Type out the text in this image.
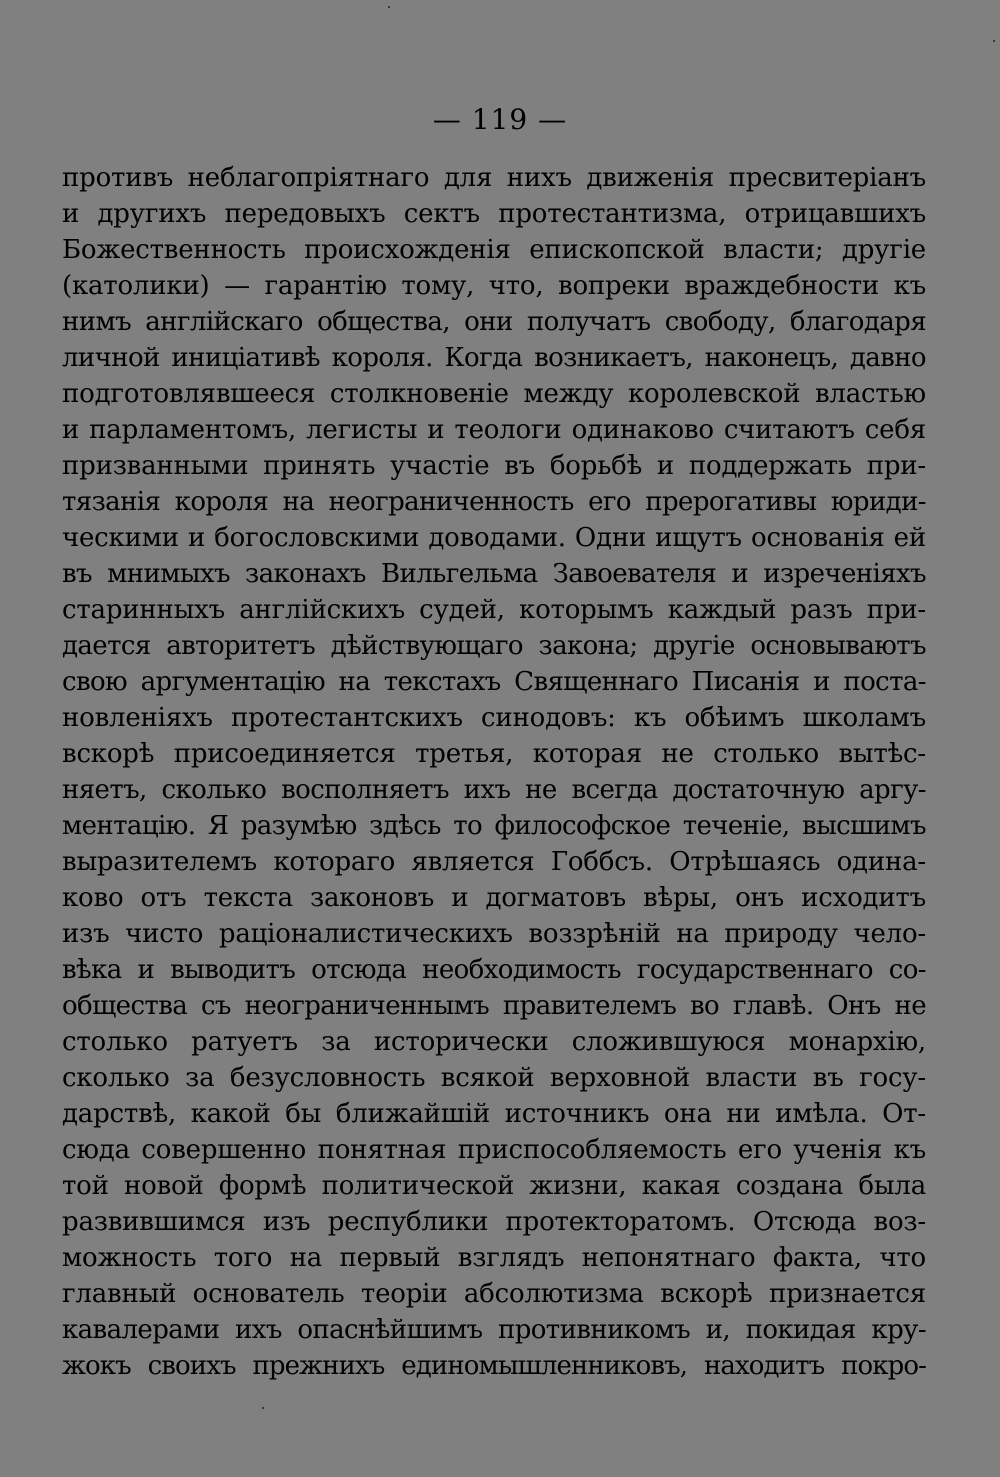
— 119 —
противъ неблагопріятнаго для нихъ движенія пресвитеріанъ
и другихъ передовыхъ сектъ протестантизма, отрицавшихъ
Божественность происхожденія епископской власти; другіе
(католики) — гарантію тому, что, вопреки враждебности къ
нимъ англійскаго общества, они получатъ свободу, благодаря
личной иниціативѣ короля. Когда возникаетъ, наконецъ, давно
подготовлявшееся столкновеніе между королевской властью
и парламентомъ, легисты и теологи одинаково считаютъ себя
призванными принять участіе въ борьбѣ и поддержать при-
тязанія короля на неограниченность его прерогативы юриди-
ческими и богословскими доводами. Одни ищутъ основанія ей
въ мнимыхъ законахъ Вильгельма Завоевателя и изреченіяхъ
старинныхъ англійскихъ судей, которымъ каждый разъ при-
дается авторитетъ дѣйствующаго закона; другіе основываютъ
свою аргументацію на текстахъ Священнаго Писанія и поста-
новленіяхъ протестантскихъ синодовъ: къ обѣимъ школамъ
вскорѣ присоединяется третья, которая не столько вытѣс-
няетъ, сколько восполняетъ ихъ не всегда достаточную аргу-
ментацію. Я разумѣю здѣсь то философское теченіе, высшимъ
выразителемъ котораго является Гоббсъ. Отрѣшаясь одина-
ково отъ текста законовъ и догматовъ вѣры, онъ исходитъ
изъ чисто раціоналистическихъ воззрѣній на природу чело-
вѣка и выводитъ отсюда необходимость государственнаго со-
общества съ неограниченнымъ правителемъ во главѣ. Онъ не
столько ратуетъ за исторически сложившуюся монархію,
сколько за безусловность всякой верховной власти въ госу-
дарствѣ, какой бы ближайшій источникъ она ни имѣла. От-
сюда совершенно понятная приспособляемость его ученія къ
той новой формѣ политической жизни, какая создана была
развившимся изъ республики протекторатомъ. Отсюда воз-
можность того на первый взглядъ непонятнаго факта, что
главный основатель теоріи абсолютизма вскорѣ признается
кавалерами ихъ опаснѣйшимъ противникомъ и, покидая кру-
жокъ своихъ прежнихъ единомышленниковъ, находитъ покро-
